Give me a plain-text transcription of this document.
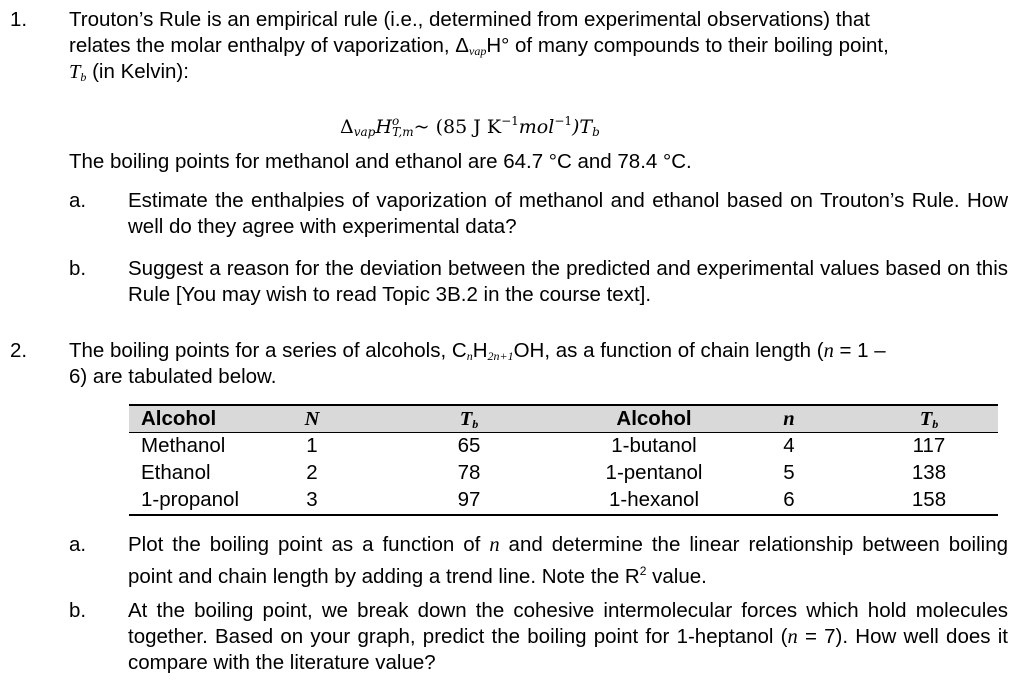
1. Trouton’s Rule is an empirical rule (i.e., determined from experimental observations) that
relates the molar enthalpy of vaporization, $\Delta_{vap}H^\circ$ of many compounds to their boiling point,
$T_b$ (in Kelvin):
$\Delta_{vap}H^o_{T,m}\sim$ (85 J $K^{-1}mol^{-1})T_b$
The boiling points for methanol and ethanol are 64.7 °C and 78.4 °C.
a. Estimate the enthalpies of vaporization of methanol and ethanol based on Trouton’s Rule. How well do they agree with experimental data?
b. Suggest a reason for the deviation between the predicted and experimental values based on this Rule [You may wish to read Topic 3B.2 in the course text].
2. The boiling points for a series of alcohols, $C_nH_{2n+1}OH$, as a function of chain length (n = 1 –
6) are tabulated below.
Alcohol	N	$T_b$	Alcohol	n	$T_b$
Methanol	1	65	1-butanol	4	117
Ethanol	2	78	1-pentanol	5	138
1-propanol	3	97	1-hexanol	6	158
a. Plot the boiling point as a function of n and determine the linear relationship between boiling point and chain length by adding a trend line. Note the $R^2$ value.
b. At the boiling point, we break down the cohesive intermolecular forces which hold molecules together. Based on your graph, predict the boiling point for 1-heptanol (n = 7). How well does it compare with the literature value?
